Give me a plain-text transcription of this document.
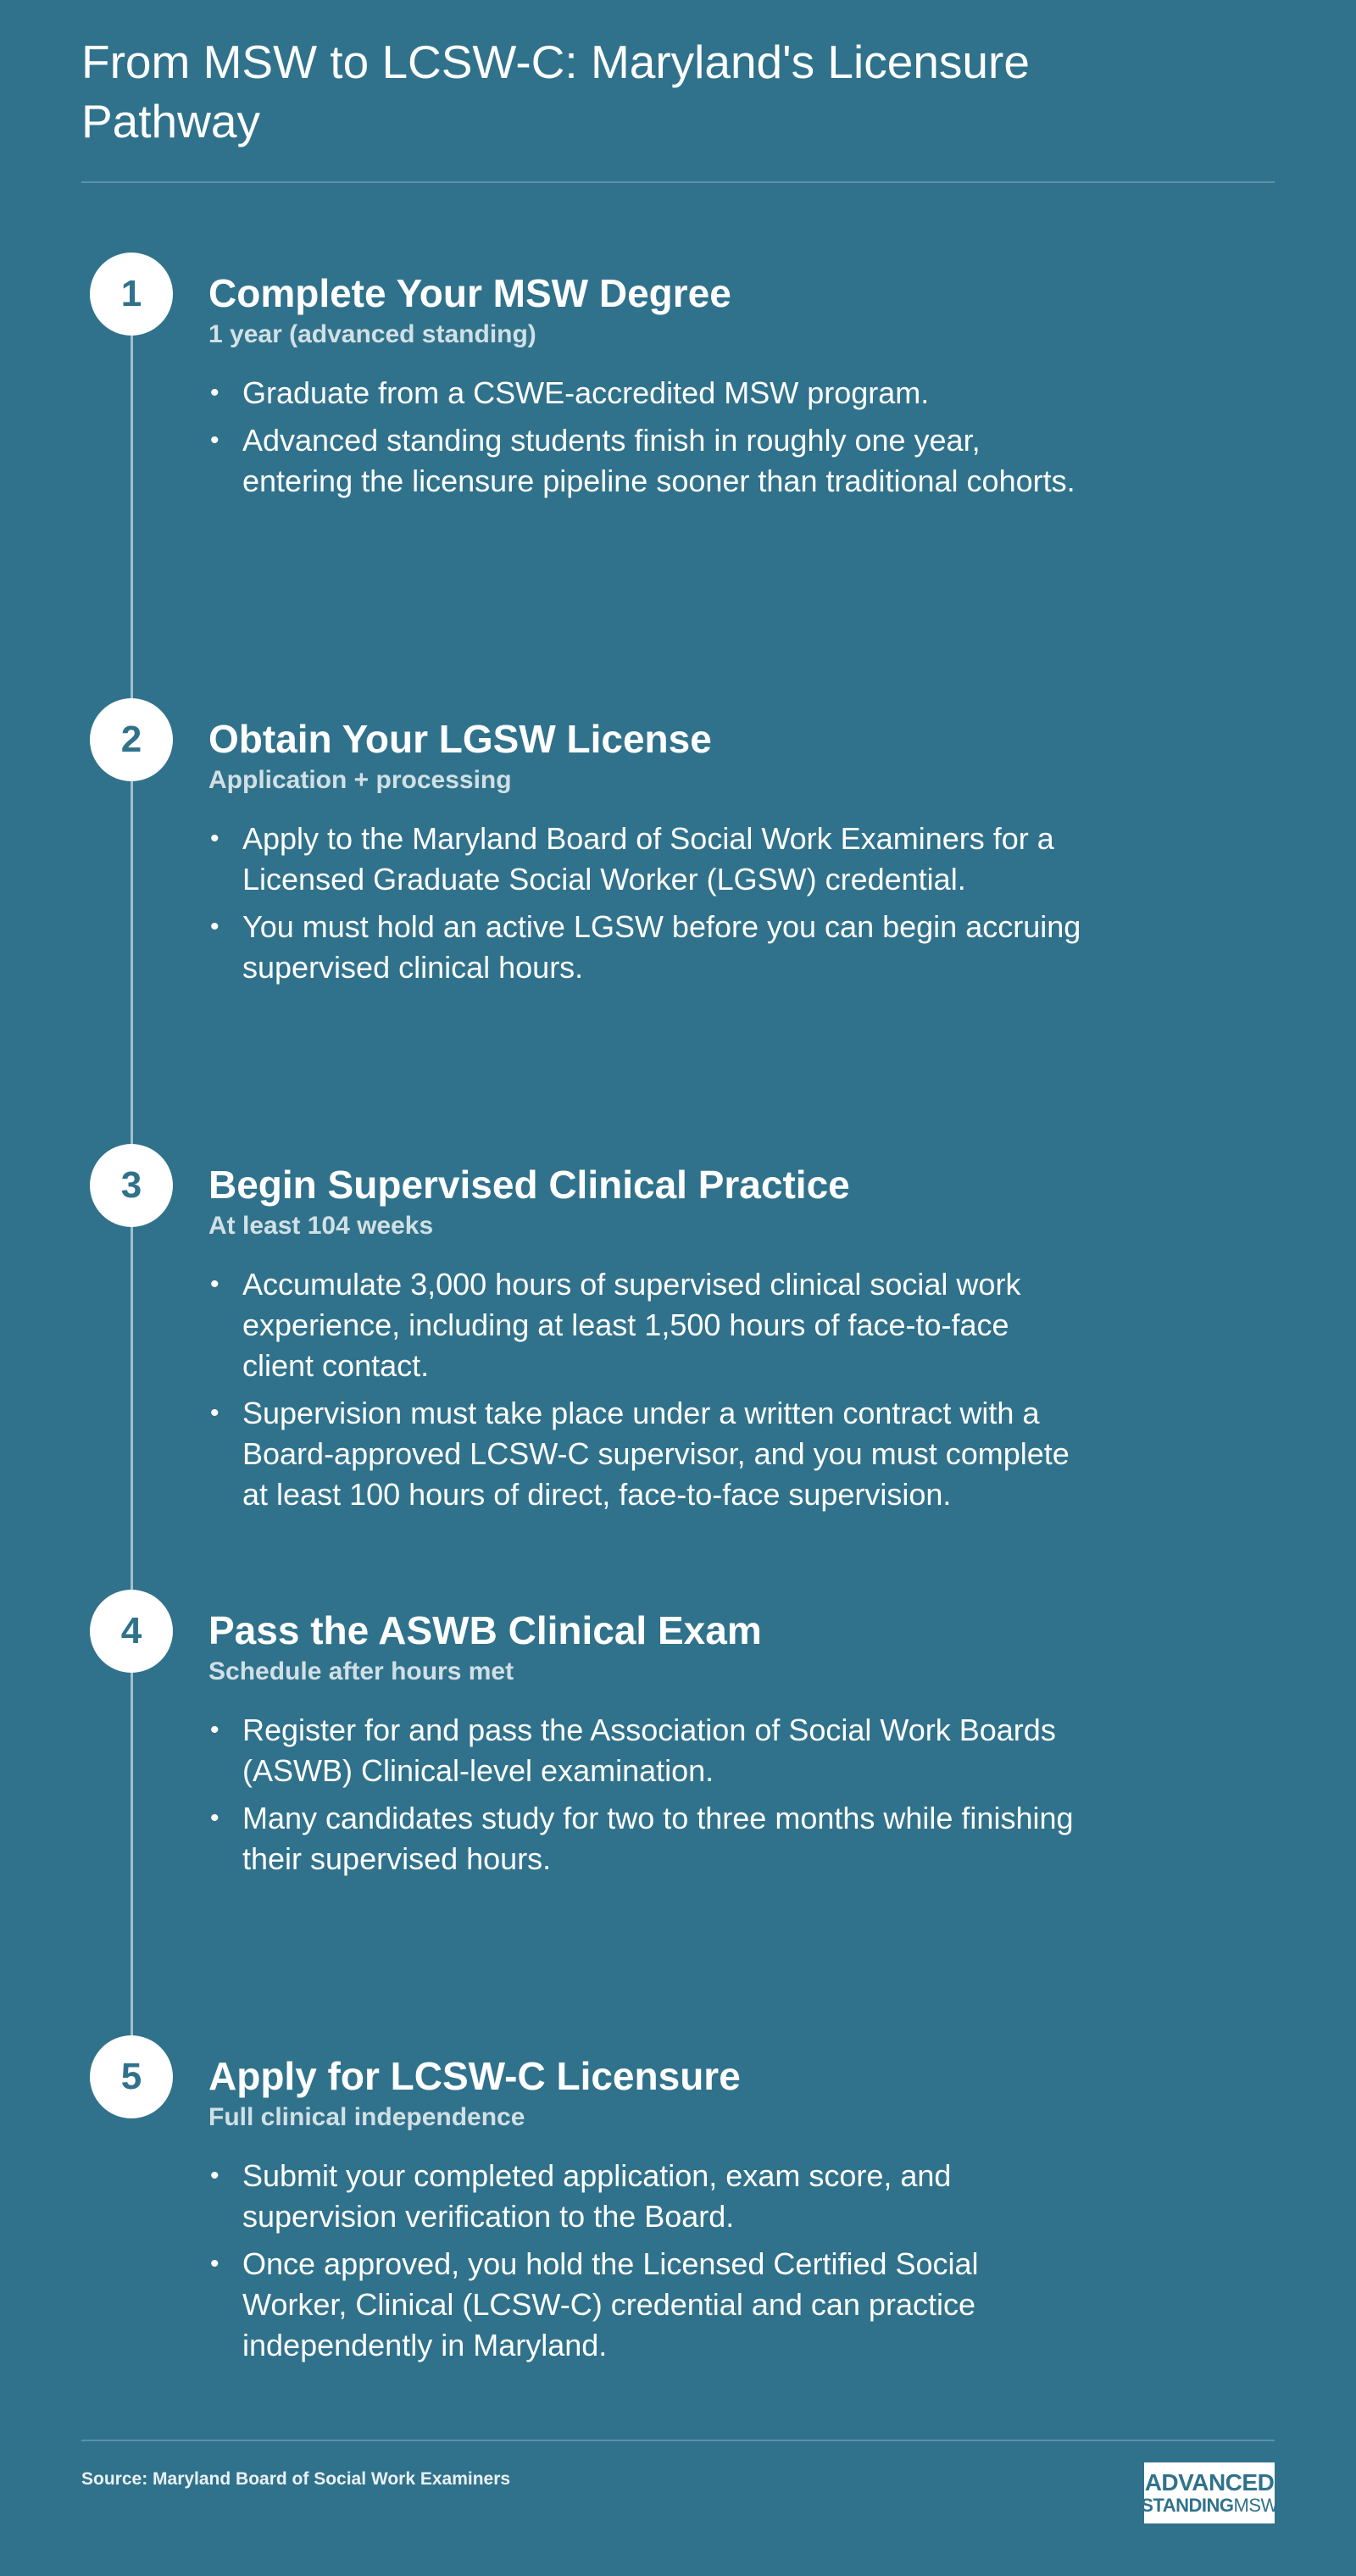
From MSW to LCSW-C: Maryland's Licensure Pathway
1	Complete Your MSW Degree

1 year (advanced standing)

• Graduate from a CSWE-accredited MSW program.
• Advanced standing students finish in roughly one year, entering the licensure pipeline sooner than traditional cohorts.
2	Obtain Your LGSW License

Application + processing

• Apply to the Maryland Board of Social Work Examiners for a Licensed Graduate Social Worker (LGSW) credential.
• You must hold an active LGSW before you can begin accruing supervised clinical hours.
3	Begin Supervised Clinical Practice

At least 104 weeks

• Accumulate 3,000 hours of supervised clinical social work experience, including at least 1,500 hours of face-to-face client contact.
• Supervision must take place under a written contract with a Board-approved LCSW-C supervisor, and you must complete at least 100 hours of direct, face-to-face supervision.
4	Pass the ASWB Clinical Exam

Schedule after hours met

• Register for and pass the Association of Social Work Boards (ASWB) Clinical-level examination.
• Many candidates study for two to three months while finishing their supervised hours.
5	Apply for LCSW-C Licensure

Full clinical independence

• Submit your completed application, exam score, and supervision verification to the Board.
• Once approved, you hold the Licensed Certified Social Worker, Clinical (LCSW-C) credential and can practice independently in Maryland.
Source: Maryland Board of Social Work Examiners	ADVANCED
STANDINGMSW
